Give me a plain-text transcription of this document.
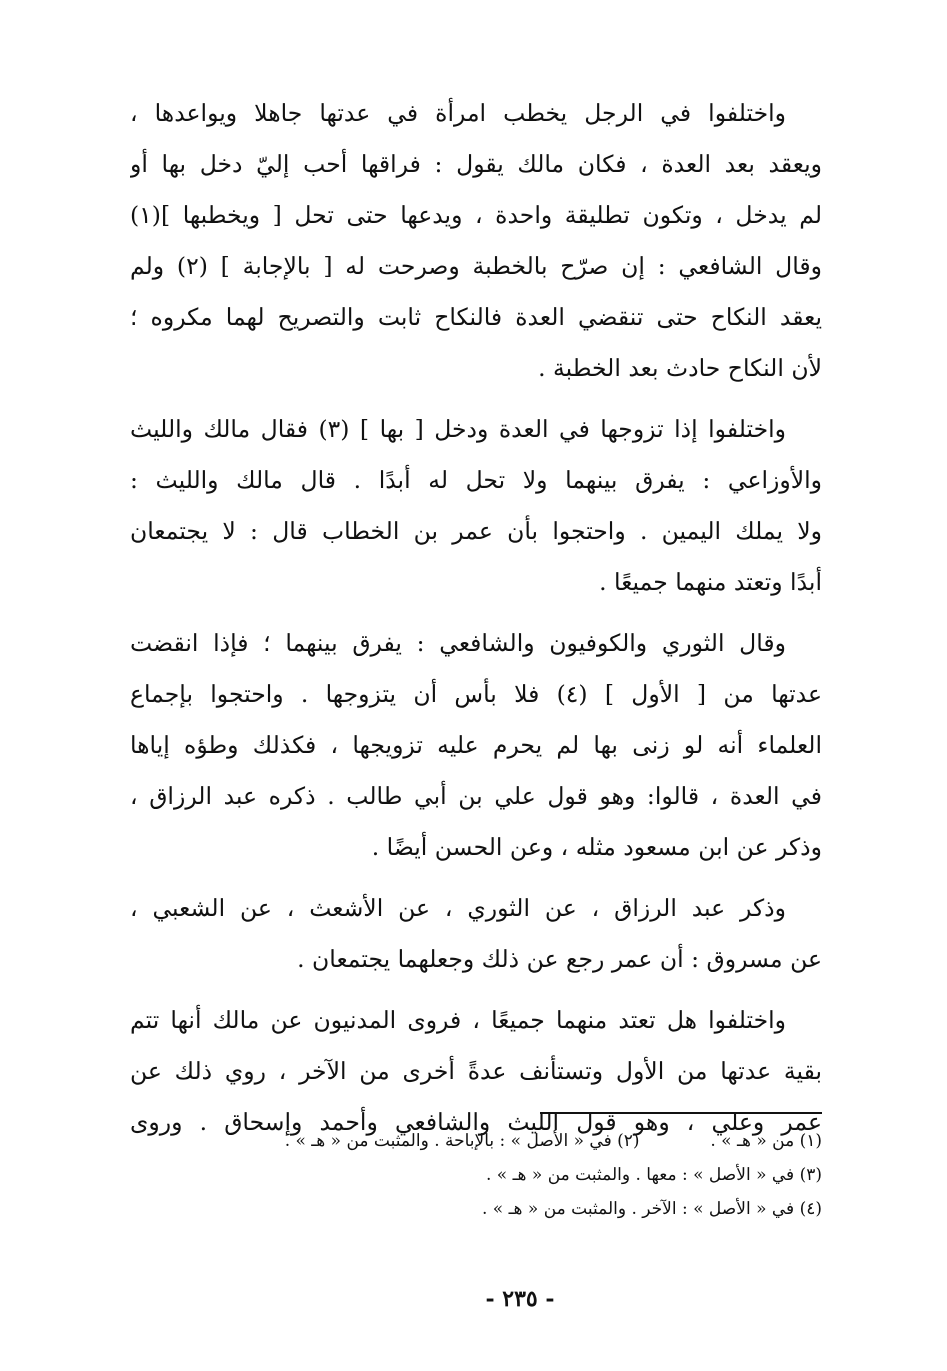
واختلفوا في الرجل يخطب امرأة في عدتها جاهلا ويواعدها ،
ويعقد بعد العدة ، فكان مالك يقول : فراقها أحب إليّ دخل بها أو
لم يدخل ، وتكون تطليقة واحدة ، ويدعها حتى تحل [ ويخطبها ](١)
وقال الشافعي : إن صرّح بالخطبة وصرحت له [ بالإجابة ] (٢) ولم
يعقد النكاح حتى تنقضي العدة فالنكاح ثابت والتصريح لهما مكروه ؛
لأن النكاح حادث بعد الخطبة .
واختلفوا إذا تزوجها في العدة ودخل [ بها ] (٣) فقال مالك والليث
والأوزاعي : يفرق بينهما ولا تحل له أبدًا . قال مالك والليث :
ولا يملك اليمين . واحتجوا بأن عمر بن الخطاب قال : لا يجتمعان
أبدًا وتعتد منهما جميعًا .
وقال الثوري والكوفيون والشافعي : يفرق بينهما ؛ فإذا انقضت
عدتها من [ الأول ] (٤) فلا بأس أن يتزوجها . واحتجوا بإجماع
العلماء أنه لو زنى بها لم يحرم عليه تزويجها ، فكذلك وطؤه إياها
في العدة ، قالوا: وهو قول علي بن أبي طالب . ذكره عبد الرزاق ،
وذكر عن ابن مسعود مثله ، وعن الحسن أيضًا .
وذكر عبد الرزاق ، عن الثوري ، عن الأشعث ، عن الشعبي ،
عن مسروق : أن عمر رجع عن ذلك وجعلهما يجتمعان .
واختلفوا هل تعتد منهما جميعًا ، فروى المدنيون عن مالك أنها تتم
بقية عدتها من الأول وتستأنف عدةً أخرى من الآخر ، روي ذلك عن
عمر وعلي ، وهو قول الليث والشافعي وأحمد وإسحاق . وروى
(١) من « هـ » .  (٢) في « الأصل » : بالإباحة . والمثبت من « هـ » .
(٣) في « الأصل » : معها . والمثبت من « هـ » .
(٤) في « الأصل » : الآخر . والمثبت من « هـ » .
- ٢٣٥ -
